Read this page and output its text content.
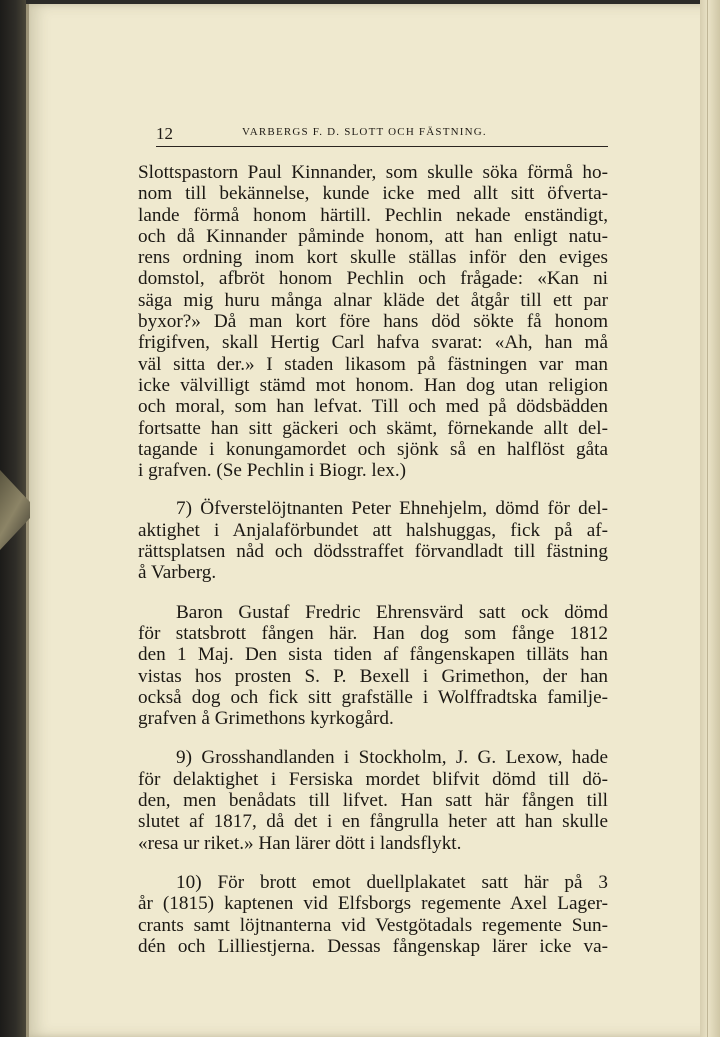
12	VARBERGS F. D. SLOTT OCH FÄSTNING.
Slottspastorn Paul Kinnander, som skulle söka förmå ho-
nom till bekännelse, kunde icke med allt sitt öfverta-
lande förmå honom härtill. Pechlin nekade enständigt,
och då Kinnander påminde honom, att han enligt natu-
rens ordning inom kort skulle ställas inför den eviges
domstol, afbröt honom Pechlin och frågade: «Kan ni
säga mig huru många alnar kläde det åtgår till ett par
byxor?» Då man kort före hans död sökte få honom
frigifven, skall Hertig Carl hafva svarat: «Ah, han må
väl sitta der.» I staden likasom på fästningen var man
icke välvilligt stämd mot honom. Han dog utan religion
och moral, som han lefvat. Till och med på dödsbädden
fortsatte han sitt gäckeri och skämt, förnekande allt del-
tagande i konungamordet och sjönk så en halflöst gåta
i grafven. (Se Pechlin i Biogr. lex.)
7) Öfverstelöjtnanten Peter Ehnehjelm, dömd för del-
aktighet i Anjalaförbundet att halshuggas, fick på af-
rättsplatsen nåd och dödsstraffet förvandladt till fästning
å Varberg.
Baron Gustaf Fredric Ehrensvärd satt ock dömd
för statsbrott fången här. Han dog som fånge 1812
den 1 Maj. Den sista tiden af fångenskapen tilläts han
vistas hos prosten S. P. Bexell i Grimethon, der han
också dog och fick sitt grafställe i Wolffradtska familje-
grafven å Grimethons kyrkogård.
9) Grosshandlanden i Stockholm, J. G. Lexow, hade
för delaktighet i Fersiska mordet blifvit dömd till dö-
den, men benådats till lifvet. Han satt här fången till
slutet af 1817, då det i en fångrulla heter att han skulle
«resa ur riket.» Han lärer dött i landsflykt.
10) För brott emot duellplakatet satt här på 3
år (1815) kaptenen vid Elfsborgs regemente Axel Lager-
crants samt löjtnanterna vid Vestgötadals regemente Sun-
dén och Lilliestjerna. Dessas fångenskap lärer icke va-
